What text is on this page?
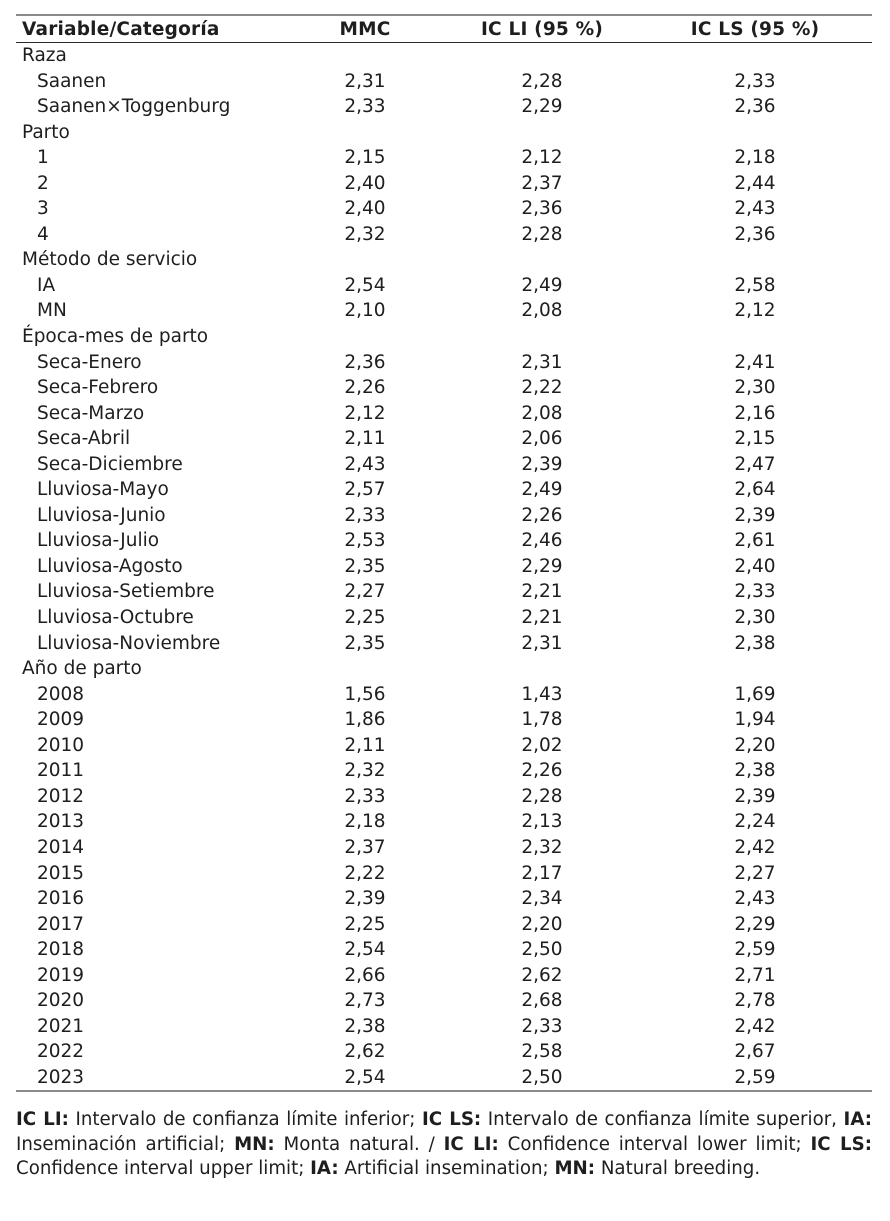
Variable/Categoría	MMC	IC LI (95 %)	IC LS (95 %)
Raza			
Saanen	2,31	2,28	2,33
Saanen×Toggenburg	2,33	2,29	2,36
Parto			
1	2,15	2,12	2,18
2	2,40	2,37	2,44
3	2,40	2,36	2,43
4	2,32	2,28	2,36
Método de servicio			
IA	2,54	2,49	2,58
MN	2,10	2,08	2,12
Época-mes de parto			
Seca-Enero	2,36	2,31	2,41
Seca-Febrero	2,26	2,22	2,30
Seca-Marzo	2,12	2,08	2,16
Seca-Abril	2,11	2,06	2,15
Seca-Diciembre	2,43	2,39	2,47
Lluviosa-Mayo	2,57	2,49	2,64
Lluviosa-Junio	2,33	2,26	2,39
Lluviosa-Julio	2,53	2,46	2,61
Lluviosa-Agosto	2,35	2,29	2,40
Lluviosa-Setiembre	2,27	2,21	2,33
Lluviosa-Octubre	2,25	2,21	2,30
Lluviosa-Noviembre	2,35	2,31	2,38
Año de parto			
2008	1,56	1,43	1,69
2009	1,86	1,78	1,94
2010	2,11	2,02	2,20
2011	2,32	2,26	2,38
2012	2,33	2,28	2,39
2013	2,18	2,13	2,24
2014	2,37	2,32	2,42
2015	2,22	2,17	2,27
2016	2,39	2,34	2,43
2017	2,25	2,20	2,29
2018	2,54	2,50	2,59
2019	2,66	2,62	2,71
2020	2,73	2,68	2,78
2021	2,38	2,33	2,42
2022	2,62	2,58	2,67
2023	2,54	2,50	2,59
IC LI: Intervalo de confianza límite inferior; IC LS: Intervalo de confianza límite superior, IA: Inseminación artificial; MN: Monta natural. / IC LI: Confidence interval lower limit; IC LS: Confidence interval upper limit; IA: Artificial insemination; MN: Natural breeding.
